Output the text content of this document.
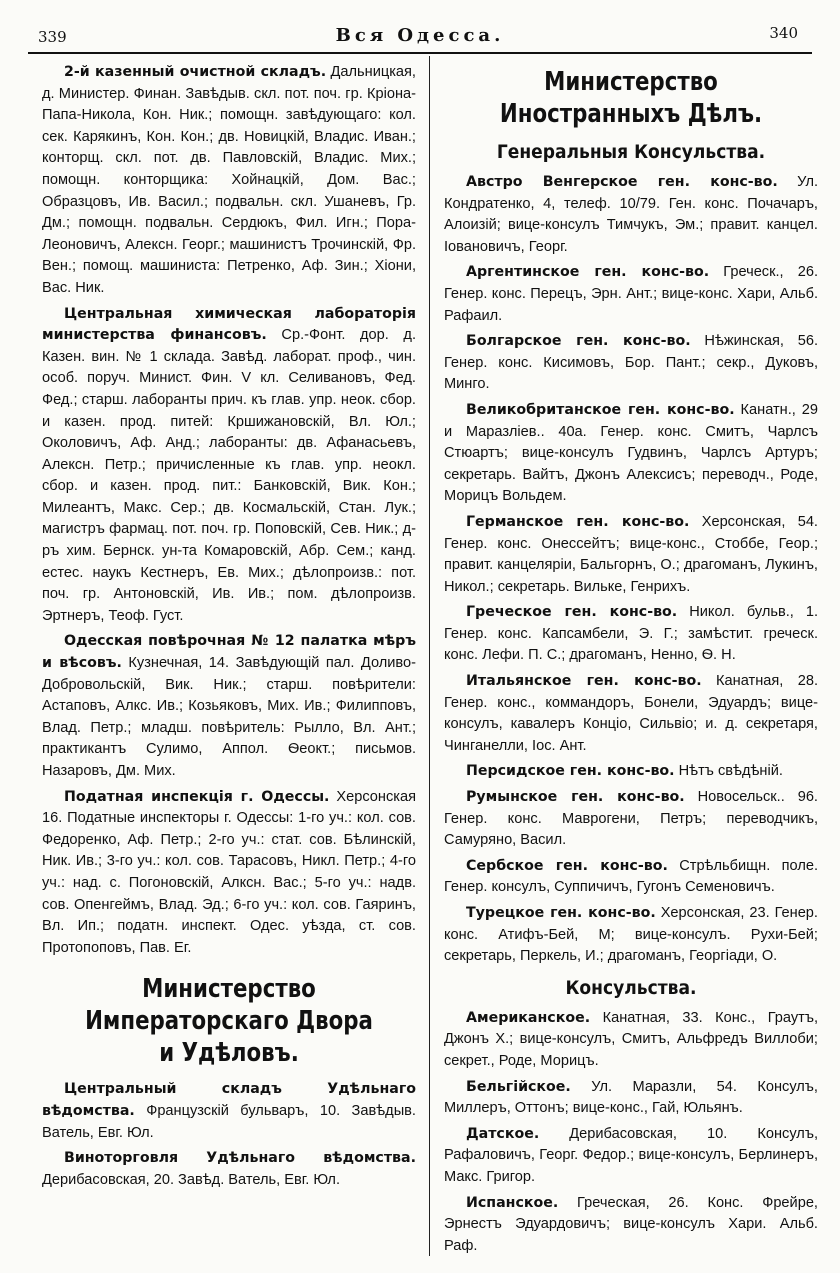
339	Вся Одесса.	340

2-й казенный очистной складъ. Дальницкая, д. Министер. Финан. Завѣдыв. скл. пот. поч. гр. Кріона-Папа-Никола, Кон. Ник.; помощн. завѣдующаго: кол. сек. Карякинъ, Кон. Кон.; дв. Новицкій, Владис. Иван.; конторщ. скл. пот. дв. Павловскій, Владис. Мих.; помощн. конторщика: Хойнацкій, Дом. Вас.; Образцовъ, Ив. Васил.; подвальн. скл. Ушаневъ, Гр. Дм.; помощн. подвальн. Сердюкъ, Фил. Игн.; Пора-Леоновичъ, Алексн. Георг.; машинистъ Трочинскій, Фр. Вен.; помощ. машиниста: Петренко, Аф. Зин.; Хіони, Вас. Ник.

Центральная химическая лабораторія министерства финансовъ. Ср.-Фонт. дор. д. Казен. вин. № 1 склада. Завѣд. лаборат. проф., чин. особ. поруч. Минист. Фин. V кл. Селивановъ, Фед. Фед.; старш. лаборанты прич. къ глав. упр. неок. сбор. и казен. прод. питей: Кршижановскій, Вл. Юл.; Околовичъ, Аф. Анд.; лаборанты: дв. Афанасьевъ, Алексн. Петр.; причисленные къ глав. упр. неокл. сбор. и казен. прод. пит.: Банковскій, Вик. Кон.; Милеантъ, Макс. Сер.; дв. Космальскій, Стан. Лук.; магистръ фармац. пот. поч. гр. Поповскій, Сев. Ник.; д-ръ хим. Бернск. ун-та Комаровскій, Абр. Сем.; канд. естес. наукъ Кестнеръ, Ев. Мих.; дѣлопроизв.: пот. поч. гр. Антоновскій, Ив. Ив.; пом. дѣлопроизв. Эртнеръ, Теоф. Густ.

Одесская повѣрочная № 12 палатка мѣръ и вѣсовъ. Кузнечная, 14. Завѣдующій пал. Доливо-Добровольскій, Вик. Ник.; старш. повѣрители: Астаповъ, Алкс. Ив.; Козьяковъ, Мих. Ив.; Филипповъ, Влад. Петр.; младш. повѣритель: Рылло, Вл. Ант.; практикантъ Сулимо, Аппол. Ѳеокт.; письмов. Назаровъ, Дм. Мих.

Податная инспекція г. Одессы. Херсонская 16. Податные инспекторы г. Одессы: 1-го уч.: кол. сов. Федоренко, Аф. Петр.; 2-го уч.: стат. сов. Бѣлинскій, Ник. Ив.; 3-го уч.: кол. сов. Тарасовъ, Никл. Петр.; 4-го уч.: над. с. Погоновскій, Алксн. Вас.; 5-го уч.: надв. сов. Опенгеймъ, Влад. Эд.; 6-го уч.: кол. сов. Гаяринъ, Вл. Ип.; податн. инспект. Одес. уѣзда, ст. сов. Протопоповъ, Пав. Ег.

Министерство Императорскаго Двора и Удѣловъ.

Центральный складъ Удѣльнаго вѣдомства. Французскій бульваръ, 10. Завѣдыв. Ватель, Евг. Юл.

Виноторговля Удѣльнаго вѣдомства. Дерибасовская, 20. Завѣд. Ватель, Евг. Юл.

Министерство Иностранныхъ Дѣлъ.
Генеральныя Консульства.

Австро Венгерское ген. конс-во. Ул. Кондратенко, 4, телеф. 10/79. Ген. конс. Почачаръ, Алоизій; вице-консулъ Тимчукъ, Эм.; правит. канцел. Іовановичъ, Георг.

Аргентинское ген. конс-во. Греческ., 26. Генер. конс. Перецъ, Эрн. Ант.; вице-конс. Хари, Альб. Рафаил.

Болгарское ген. конс-во. Нѣжинская, 56. Генер. конс. Кисимовъ, Бор. Пант.; секр., Дуковъ, Минго.

Великобританское ген. конс-во. Канатн., 29 и Маразліев.. 40а. Генер. конс. Смитъ, Чарлсъ Стюартъ; вице-консулъ Гудвинъ, Чарлсъ Артуръ; секретарь. Вайтъ, Джонъ Алексисъ; переводч., Роде, Морицъ Вольдем.

Германское ген. конс-во. Херсонская, 54. Генер. конс. Онессейтъ; вице-конс., Стоббе, Геор.; правит. канцеляріи, Бальгорнъ, О.; драгоманъ, Лукинъ, Никол.; секретарь. Вильке, Генрихъ.

Греческое ген. конс-во. Никол. бульв., 1. Генер. конс. Капсамбели, Э. Г.; замѣстит. греческ. конс. Лефи. П. С.; драгоманъ, Ненно, Ѳ. Н.

Итальянское ген. конс-во. Канатная, 28. Генер. конс., коммандоръ, Бонели, Эдуардъ; вице-консулъ, кавалеръ Конціо, Сильвіо; и. д. секретаря, Чинганелли, Іос. Ант.

Персидское ген. конс-во. Нѣтъ свѣдѣній.

Румынское ген. конс-во. Новосельск.. 96. Генер. конс. Маврогени, Петръ; переводчикъ, Самуряно, Васил.

Сербское ген. конс-во. Стрѣльбищн. поле. Генер. консулъ, Суппичичъ, Гугонъ Семеновичъ.

Турецкое ген. конс-во. Херсонская, 23. Генер. конс. Атифъ-Бей, М; вице-консулъ. Рухи-Бей; секретарь, Перкель, И.; драгоманъ, Георгіади, О.

Консульства.

Американское. Канатная, 33. Конс., Граутъ, Джонъ Х.; вице-консулъ, Смитъ, Альфредъ Виллоби; секрет., Роде, Морицъ.

Бельгійское. Ул. Маразли, 54. Консулъ, Миллеръ, Оттонъ; вице-конс., Гай, Юльянъ.

Датское. Дерибасовская, 10. Консулъ, Рафаловичъ, Георг. Федор.; вице-консулъ, Берлинеръ, Макс. Григор.

Испанское. Греческая, 26. Конс. Фрейре, Эрнестъ Эдуардовичъ; вице-консулъ Хари. Альб. Раф.
